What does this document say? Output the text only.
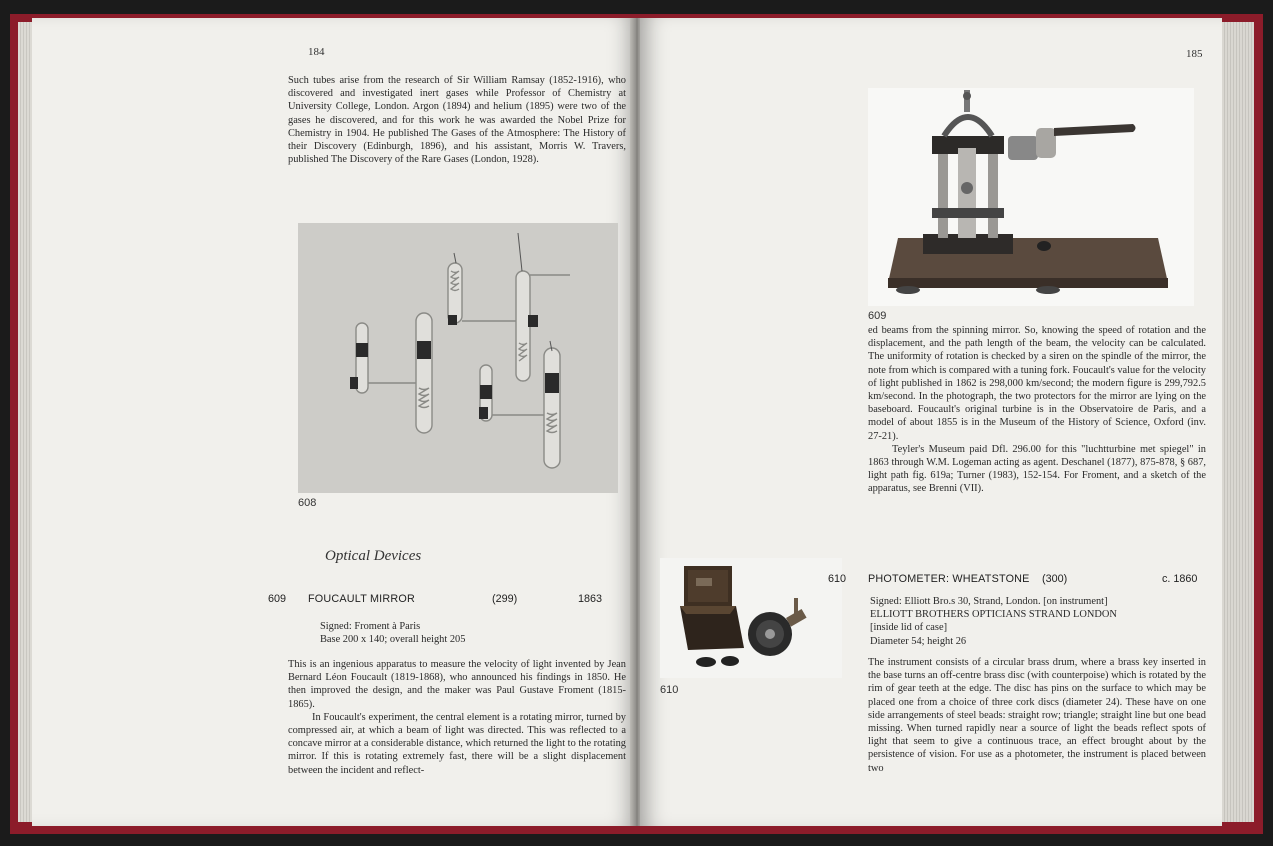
184
Such tubes arise from the research of Sir William Ramsay (1852-1916), who discovered and investigated inert gases while Professor of Chemistry at University College, London. Argon (1894) and helium (1895) were two of the gases he discovered, and for this work he was awarded the Nobel Prize for Chemistry in 1904. He published The Gases of the Atmosphere: The History of their Discovery (Edinburgh, 1896), and his assistant, Morris W. Travers, published The Discovery of the Rare Gases (London, 1928).
608
Optical Devices
609 FOUCAULT MIRROR	(299)	1863
Signed: Froment à Paris
Base 200 x 140; overall height 205

This is an ingenious apparatus to measure the velocity of light invented by Jean Bernard Léon Foucault (1819-1868), who announced his findings in 1850. He then improved the design, and the maker was Paul Gustave Froment (1815-1865).

In Foucault's experiment, the central element is a rotating mirror, turned by compressed air, at which a beam of light was directed. This was reflected to a concave mirror at a considerable distance, which returned the light to the rotating mirror. If this is rotating extremely fast, there will be a slight displacement between the incident and reflect-

185
609

ed beams from the spinning mirror. So, knowing the speed of rotation and the displacement, and the path length of the beam, the velocity can be calculated. The uniformity of rotation is checked by a siren on the spindle of the mirror, the note from which is compared with a tuning fork. Foucault's value for the velocity of light published in 1862 is 298,000 km/second; the modern figure is 299,792.5 km/second. In the photograph, the two protectors for the mirror are lying on the baseboard. Foucault's original turbine is in the Observatoire de Paris, and a model of about 1855 is in the Museum of the History of Science, Oxford (inv. 27-21).

Teyler's Museum paid Dfl. 296.00 for this "luchtturbine met spiegel" in 1863 through W.M. Logeman acting as agent. Deschanel (1877), 875-878, § 687, light path fig. 619a; Turner (1983), 152-154. For Froment, and a sketch of the apparatus, see Brenni (VII).

610
610 PHOTOMETER: WHEATSTONE (300)	c. 1860
Signed: Elliott Bro.s 30, Strand, London. [on instrument]
ELLIOTT BROTHERS OPTICIANS STRAND LONDON
[inside lid of case]
Diameter 54; height 26
The instrument consists of a circular brass drum, where a brass key inserted in the base turns an off-centre brass disc (with counterpoise) which is rotated by the rim of gear teeth at the edge. The disc has pins on the surface to which may be placed one from a choice of three cork discs (diameter 24). These have on one side arrangements of steel beads: straight row; triangle; straight line but one bead missing. When turned rapidly near a source of light the beads reflect spots of light that seem to give a continuous trace, an effect brought about by the persistence of vision. For use as a photometer, the instrument is placed between two
